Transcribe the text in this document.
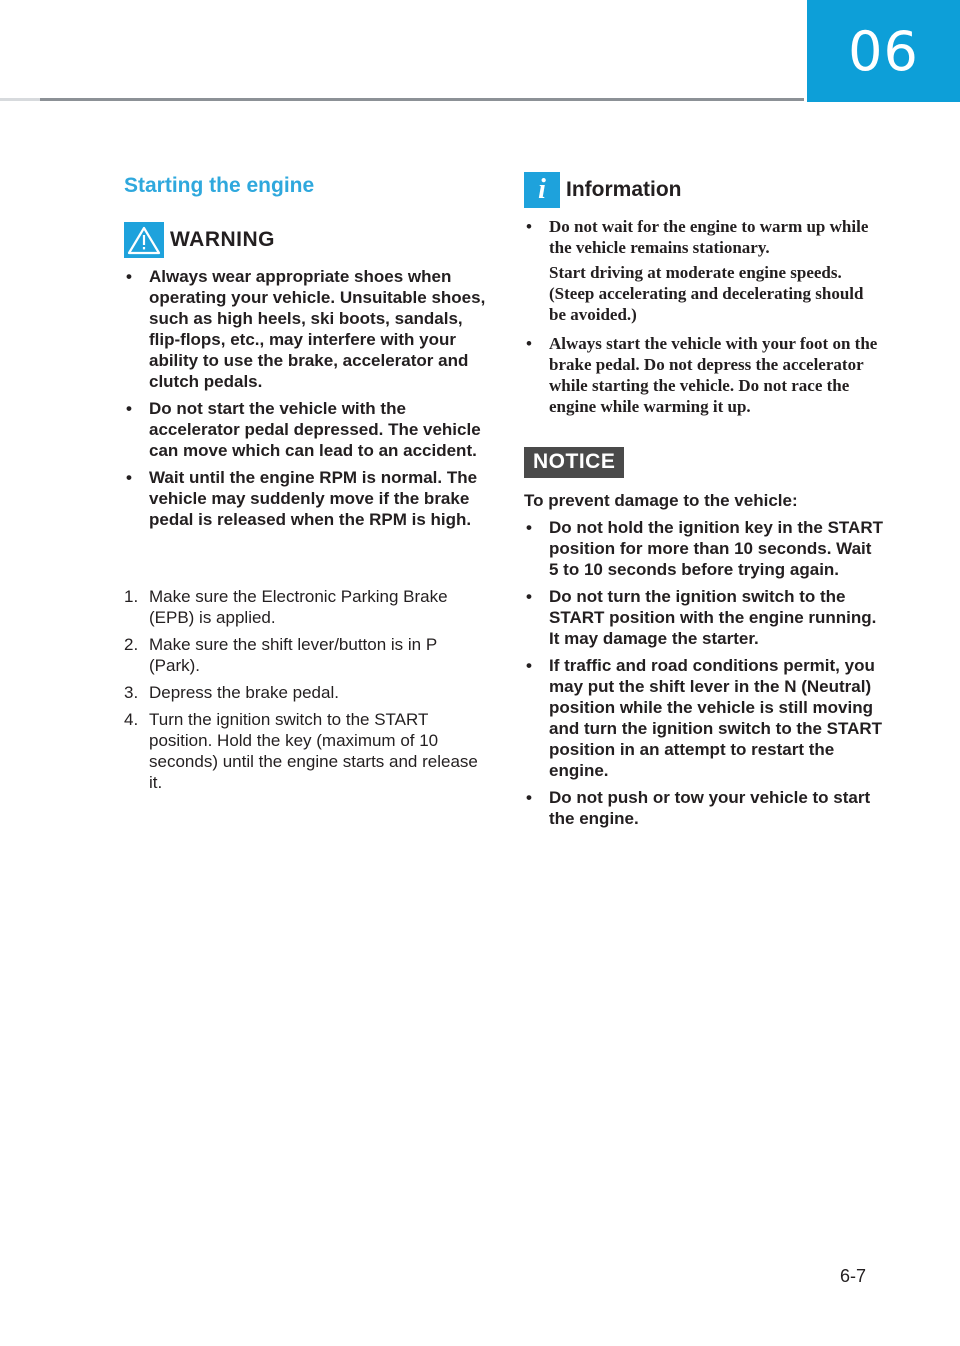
06
Starting the engine
WARNING
• Always wear appropriate shoes when operating your vehicle. Unsuitable shoes, such as high heels, ski boots, sandals, flip-flops, etc., may interfere with your ability to use the brake, accelerator and clutch pedals.
• Do not start the vehicle with the accelerator pedal depressed. The vehicle can move which can lead to an accident.
• Wait until the engine RPM is normal. The vehicle may suddenly move if the brake pedal is released when the RPM is high.
1. Make sure the Electronic Parking Brake (EPB) is applied.
2. Make sure the shift lever/button is in P (Park).
3. Depress the brake pedal.
4. Turn the ignition switch to the START position. Hold the key (maximum of 10 seconds) until the engine starts and release it.
i Information
• Do not wait for the engine to warm up while the vehicle remains stationary.

Start driving at moderate engine speeds. (Steep accelerating and decelerating should be avoided.)

• Always start the vehicle with your foot on the brake pedal. Do not depress the accelerator while starting the vehicle. Do not race the engine while warming it up.
NOTICE

To prevent damage to the vehicle:

• Do not hold the ignition key in the START position for more than 10 seconds. Wait 5 to 10 seconds before trying again.
• Do not turn the ignition switch to the START position with the engine running. It may damage the starter.
• If traffic and road conditions permit, you may put the shift lever in the N (Neutral) position while the vehicle is still moving and turn the ignition switch to the START position in an attempt to restart the engine.
• Do not push or tow your vehicle to start the engine.
6-7
